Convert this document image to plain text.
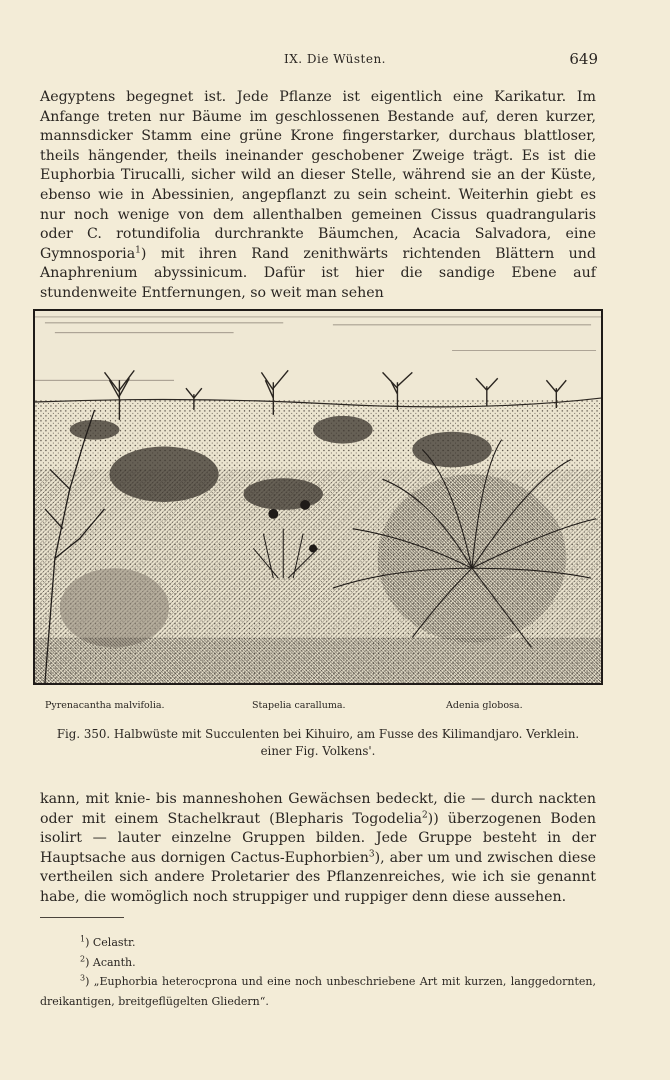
IX. Die Wüsten.	649

Aegyptens begegnet ist. Jede Pflanze ist eigentlich eine Karikatur. Im Anfange treten nur Bäume im geschlossenen Bestande auf, deren kurzer, mannsdicker Stamm eine grüne Krone fingerstarker, durchaus blattloser, theils hängender, theils ineinander geschobener Zweige trägt. Es ist die Euphorbia Tirucalli, sicher wild an dieser Stelle, während sie an der Küste, ebenso wie in Abessinien, angepflanzt zu sein scheint. Weiterhin giebt es nur noch wenige von dem allenthalben gemeinen Cissus quadrangularis oder C. rotundifolia durchrankte Bäumchen, Acacia Salvadora, eine Gymnosporia$^1$) mit ihren Rand zenithwärts richtenden Blättern und Anaphrenium abyssinicum. Dafür ist hier die sandige Ebene auf stundenweite Entfernungen, so weit man sehen

Pyrenacantha malvifolia.	Stapelia caralluma.	Adenia globosa.
Fig. 350. Halbwüste mit Succulenten bei Kihuiro, am Fusse des Kilimandjaro. Verklein.
einer Fig. Volkens'.

kann, mit knie- bis manneshohen Gewächsen bedeckt, die — durch nackten oder mit einem Stachelkraut (Blepharis Togodelia$^2$)) überzogenen Boden isolirt — lauter einzelne Gruppen bilden. Jede Gruppe besteht in der Hauptsache aus dornigen Cactus-Euphorbien$^3$), aber um und zwischen diese vertheilen sich andere Proletarier des Pflanzenreiches, wie ich sie genannt habe, die womöglich noch struppiger und ruppiger denn diese aussehen.

$^1$) Celastr.
$^2$) Acanth.
$^3$) „Euphorbia heterocprona und eine noch unbeschriebene Art mit kurzen, langgedornten, dreikantigen, breitgeflügelten Gliedern“.
